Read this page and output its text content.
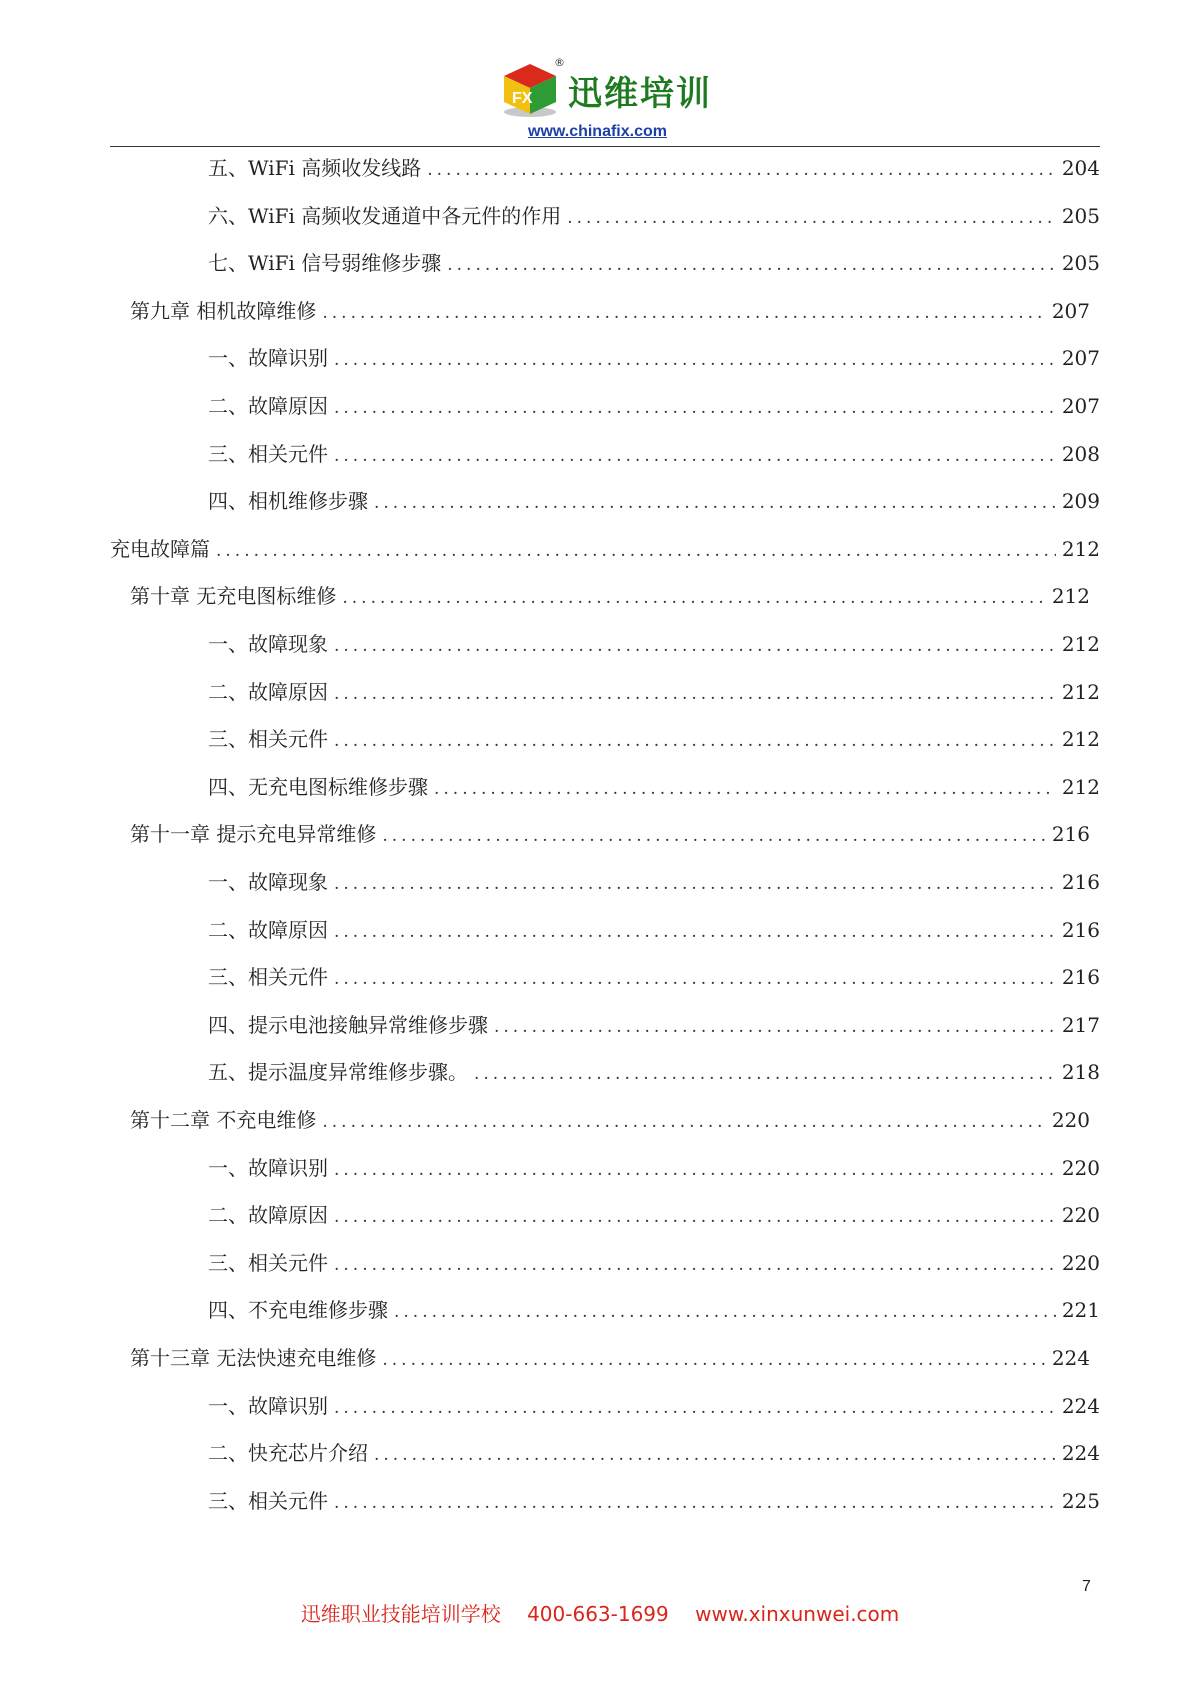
FX
®
迅维培训
www.chinafix.com
五、WiFi 高频收发线路 .....	204
六、WiFi 高频收发通道中各元件的作用 .....	205
七、WiFi 信号弱维修步骤 .....	205
第九章 相机故障维修 .....	207
一、故障识别 .....	207
二、故障原因 .....	207
三、相关元件 .....	208
四、相机维修步骤 .....	209
充电故障篇 .....	212
第十章 无充电图标维修 .....	212
一、故障现象 .....	212
二、故障原因 .....	212
三、相关元件 .....	212
四、无充电图标维修步骤 .....	212
第十一章 提示充电异常维修 .....	216
一、故障现象 .....	216
二、故障原因 .....	216
三、相关元件 .....	216
四、提示电池接触异常维修步骤 .....	217
五、提示温度异常维修步骤。 .....	218
第十二章 不充电维修 .....	220
一、故障识别 .....	220
二、故障原因 .....	220
三、相关元件 .....	220
四、不充电维修步骤 .....	221
第十三章 无法快速充电维修 .....	224
一、故障识别 .....	224
二、快充芯片介绍 .....	224
三、相关元件 .....	225
7
迅维职业技能培训学校 400-663-1699 www.xinxunwei.com
